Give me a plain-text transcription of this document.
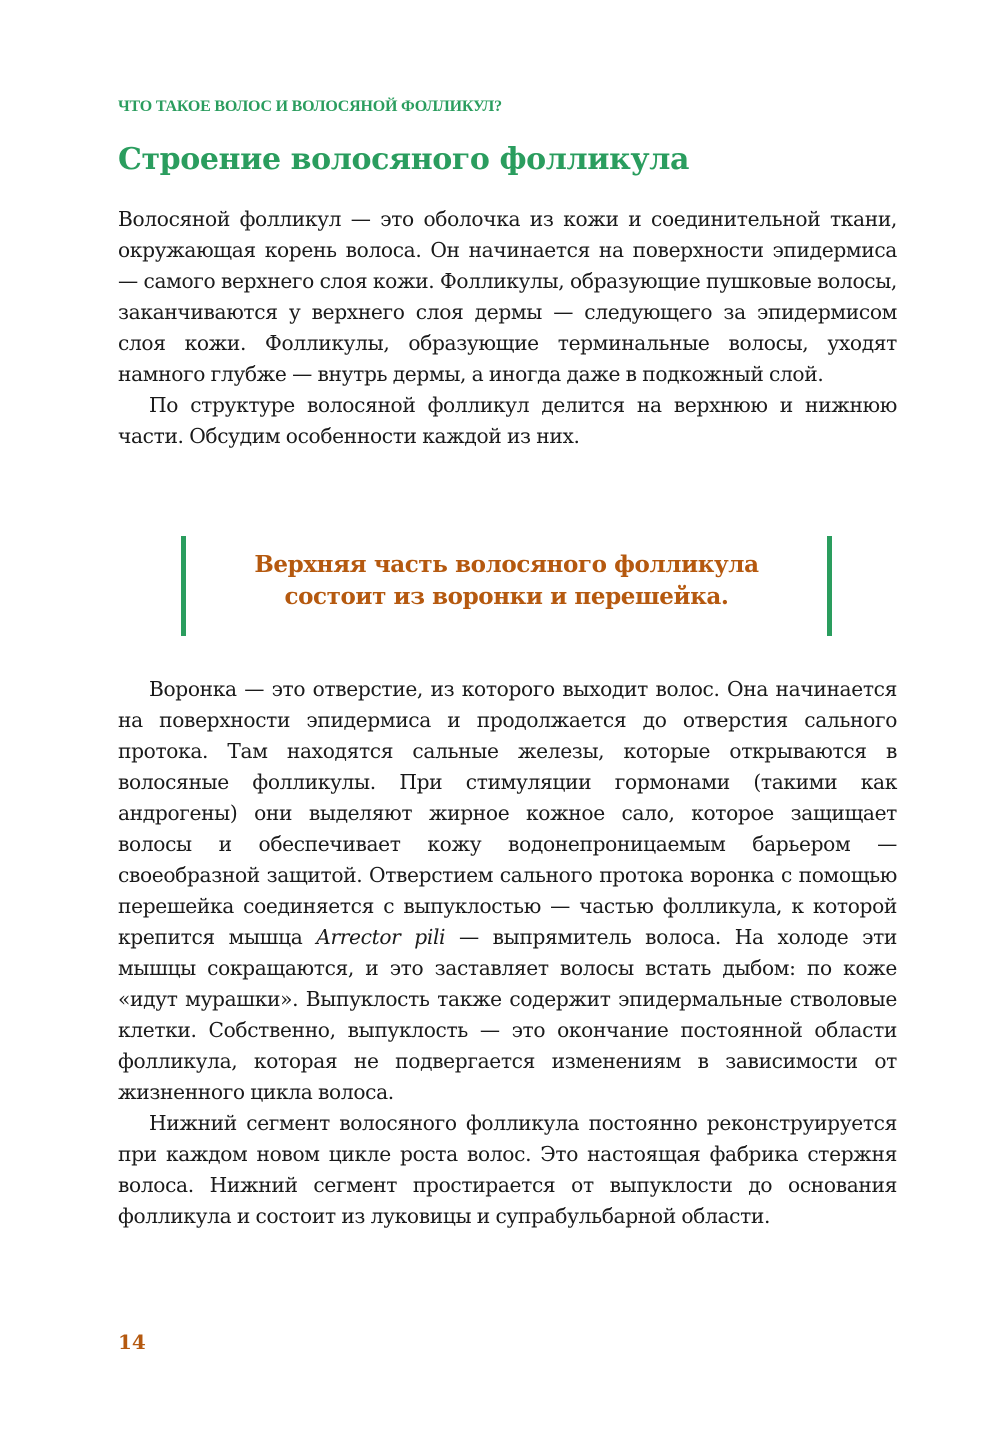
ЧТО ТАКОЕ ВОЛОС И ВОЛОСЯНОЙ ФОЛЛИКУЛ?
Строение волосяного фолликула

Волосяной фолликул — это оболочка из кожи и соединительной ткани, окружающая корень волоса. Он начинается на поверхности эпидермиса — самого верхнего слоя кожи. Фолликулы, образующие пушковые волосы, заканчиваются у верхнего слоя дермы — следующего за эпидермисом слоя кожи. Фолликулы, образующие терминальные волосы, уходят намного глубже — внутрь дермы, а иногда даже в подкожный слой.

По структуре волосяной фолликул делится на верхнюю и нижнюю части. Обсудим особенности каждой из них.

Верхняя часть волосяного фолликула
состоит из воронки и перешейка.

Воронка — это отверстие, из которого выходит волос. Она начинается на поверхности эпидермиса и продолжается до отверстия сального протока. Там находятся сальные железы, которые открываются в волосяные фолликулы. При стимуляции гормонами (такими как андрогены) они выделяют жирное кожное сало, которое защищает волосы и обеспечивает кожу водонепроницаемым барьером — своеобразной защитой. Отверстием сального протока воронка с помощью перешейка соединяется с выпуклостью — частью фолликула, к которой крепится мышца Arrector pili — выпрямитель волоса. На холоде эти мышцы сокращаются, и это заставляет волосы встать дыбом: по коже «идут мурашки». Выпуклость также содержит эпидермальные стволовые клетки. Собственно, выпуклость — это окончание постоянной области фолликула, которая не подвергается изменениям в зависимости от жизненного цикла волоса.

Нижний сегмент волосяного фолликула постоянно реконструируется при каждом новом цикле роста волос. Это настоящая фабрика стержня волоса. Нижний сегмент простирается от выпуклости до основания фолликула и состоит из луковицы и супрабульбарной области.

14
